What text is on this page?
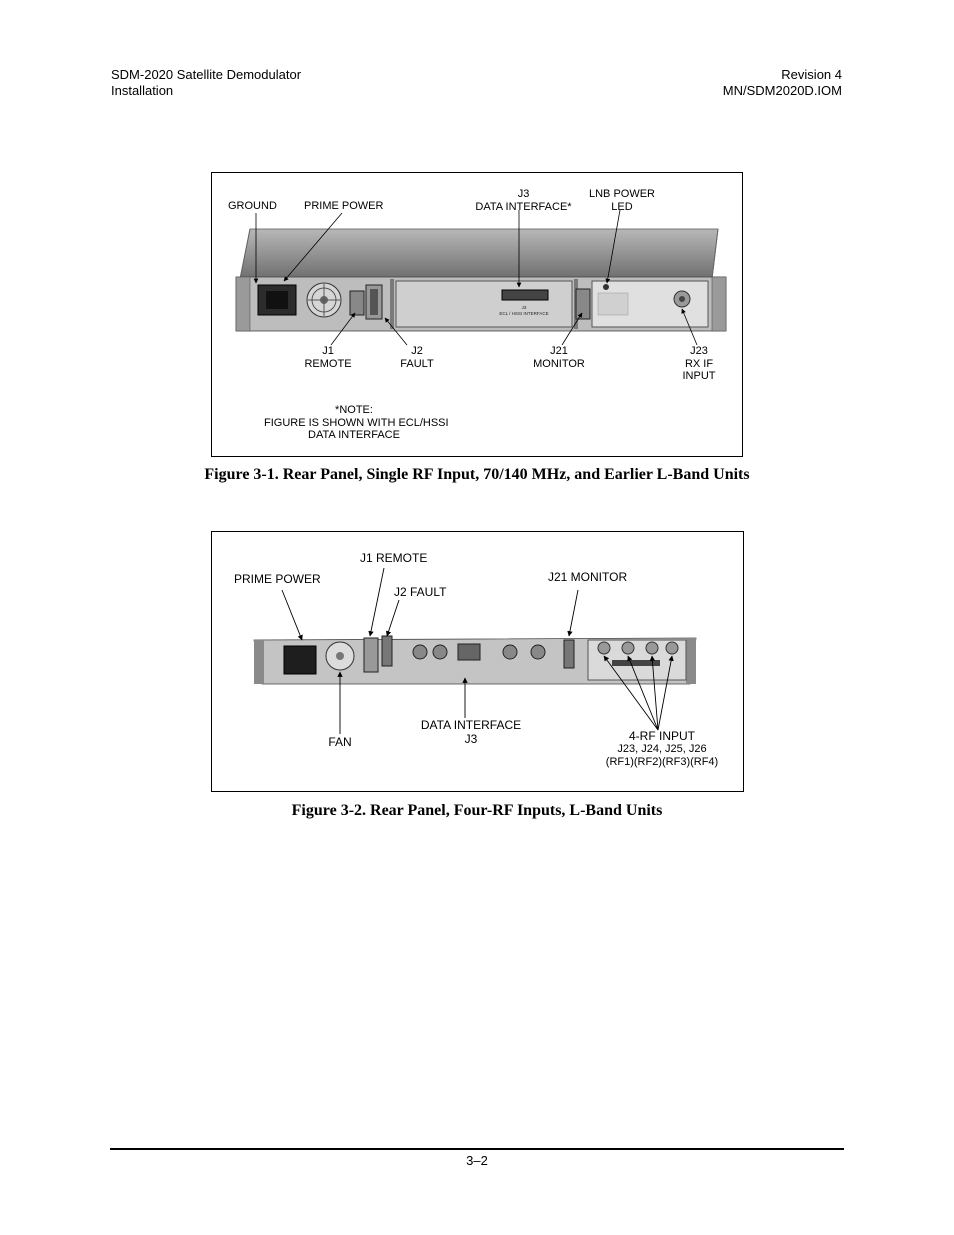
SDM-2020 Satellite Demodulator
Installation
Revision 4
MN/SDM2020D.IOM
J3
ECL / HSSI INTERFACE
GROUND PRIME POWER
J3
DATA INTERFACE*
LNB POWER
LED
J1
REMOTE
J2
FAULT
J21
MONITOR
J23
RX IF
INPUT
*NOTE:
FIGURE IS SHOWN WITH ECL/HSSI
DATA INTERFACE
Figure 3-1. Rear Panel, Single RF Input, 70/140 MHz, and Earlier L-Band Units
PRIME POWER
J1 REMOTE
J2 FAULT
J21 MONITOR
FAN
DATA INTERFACE
J3	4-RF INPUT
J23, J24, J25, J26
(RF1)(RF2)(RF3)(RF4)
Figure 3-2. Rear Panel, Four-RF Inputs, L-Band Units
3–2
